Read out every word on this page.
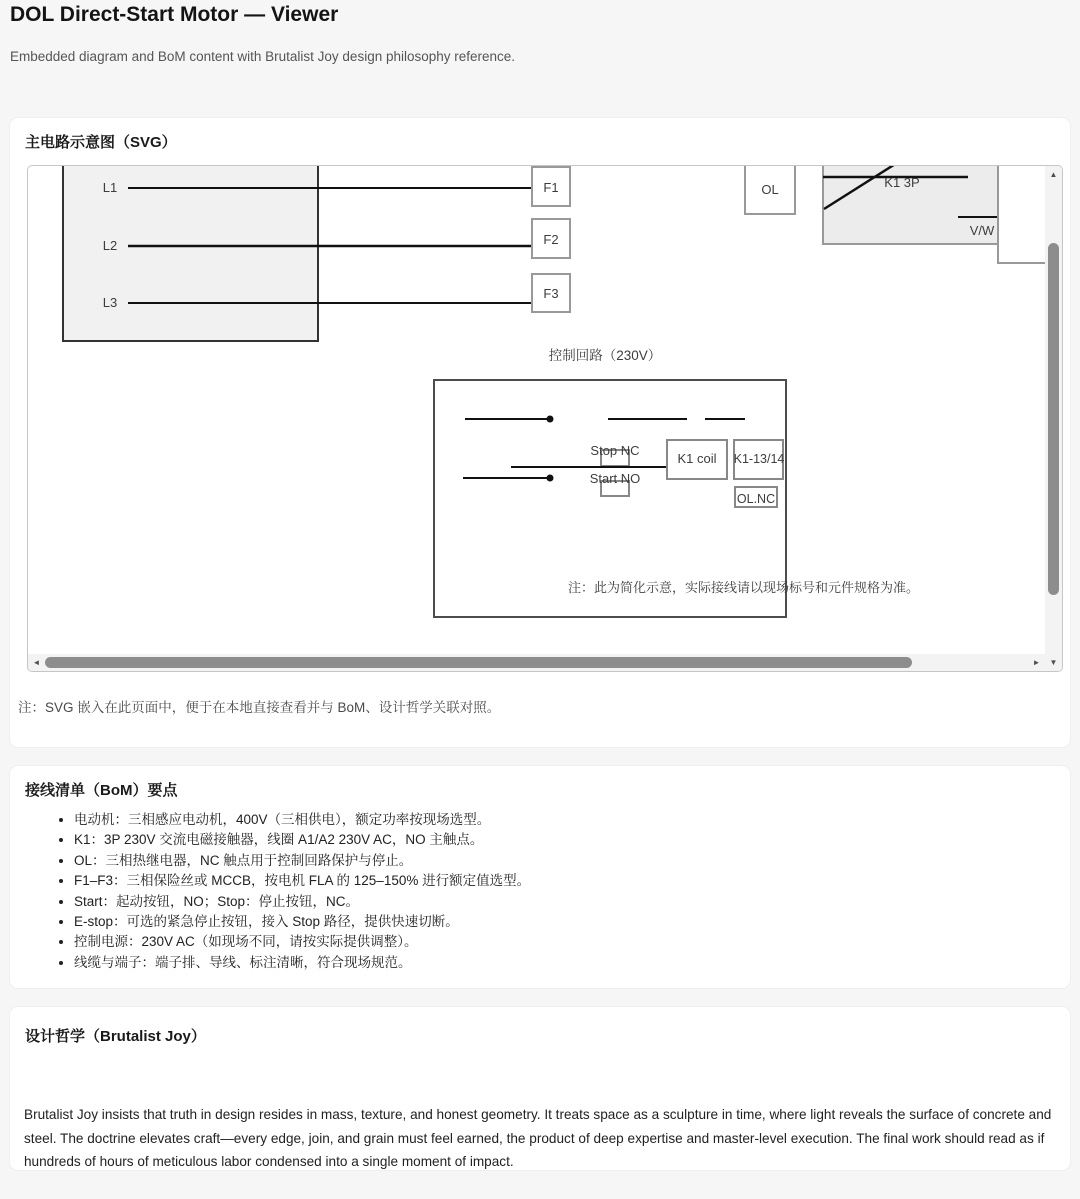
DOL Direct-Start Motor — Viewer
Embedded diagram and BoM content with Brutalist Joy design philosophy reference.
主电路示意图（SVG）
L1
L2
L3
F1
F2
F3
OL	K1 3P
V/W
控制回路（230V）
Stop NC
Start NO
K1 coil K1-13/14
OL.NC
注：此为简化示意，实际接线请以现场标号和元件规格为准。
▲
▼
◄	►
注：SVG 嵌入在此页面中，便于在本地直接查看并与 BoM、设计哲学关联对照。
接线清单（BoM）要点
• 电动机：三相感应电动机，400V（三相供电），额定功率按现场选型。
• K1：3P 230V 交流电磁接触器，线圈 A1/A2 230V AC，NO 主触点。
• OL：三相热继电器，NC 触点用于控制回路保护与停止。
• F1–F3：三相保险丝或 MCCB，按电机 FLA 的 125–150% 进行额定值选型。
• Start：起动按钮，NO；Stop：停止按钮，NC。
• E-stop：可选的紧急停止按钮，接入 Stop 路径，提供快速切断。
• 控制电源：230V AC（如现场不同，请按实际提供调整）。
• 线缆与端子：端子排、导线、标注清晰，符合现场规范。
设计哲学（Brutalist Joy）

Brutalist Joy insists that truth in design resides in mass, texture, and honest geometry. It treats space as a sculpture in time, where light reveals the surface of concrete and steel. The doctrine elevates craft—every edge, join, and grain must feel earned, the product of deep expertise and master-level execution. The final work should read as if hundreds of hours of meticulous labor condensed into a single moment of impact.
